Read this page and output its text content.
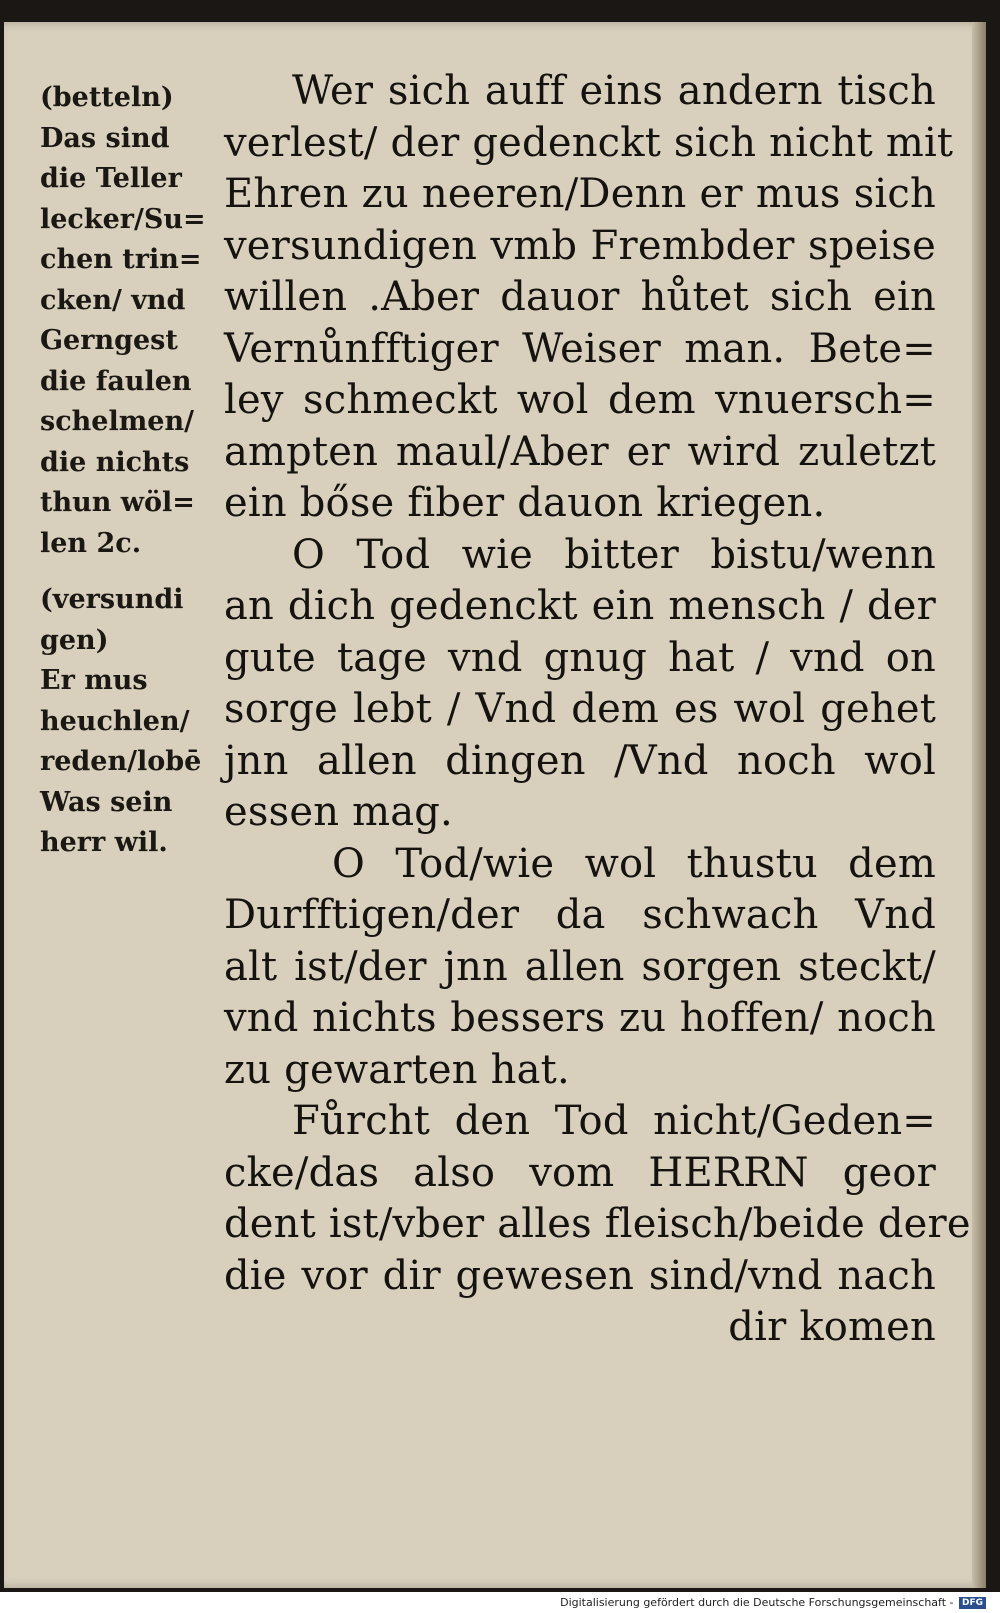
(betteln)
Das sind
die Teller
lecker/Su=
chen trin=
cken/ vnd
Gerngest
die faulen
schelmen/
die nichts
thun wöl=
len 2c.
(versundi
gen)
Er mus
heuchlen/
reden/lobē
Was sein
herr wil.
Wer sich auff eins andern tisch
verlest/ der gedenckt sich nicht mit
Ehren zu neeren/Denn er mus sich
versundigen vmb Frembder speise
willen .Aber dauor hůtet sich ein
Vernůnfftiger Weiser man. Bete=
ley schmeckt wol dem vnuersch=
ampten maul/Aber er wird zuletzt
ein bőse fiber dauon kriegen.
O Tod wie bitter bistu/wenn
an dich gedenckt ein mensch / der
gute tage vnd gnug hat / vnd on
sorge lebt / Vnd dem es wol gehet
jnn allen dingen /Vnd noch wol
essen mag.
O Tod/wie wol thustu dem
Durfftigen/der da schwach Vnd
alt ist/der jnn allen sorgen steckt/
vnd nichts bessers zu hoffen/ noch
zu gewarten hat.
Fůrcht den Tod nicht/Geden=
cke/das also vom HERRN geor
dent ist/vber alles fleisch/beide dere
die vor dir gewesen sind/vnd nach
dir komen
Digitalisierung gefördert durch die Deutsche Forschungsgemeinschaft - DFG
